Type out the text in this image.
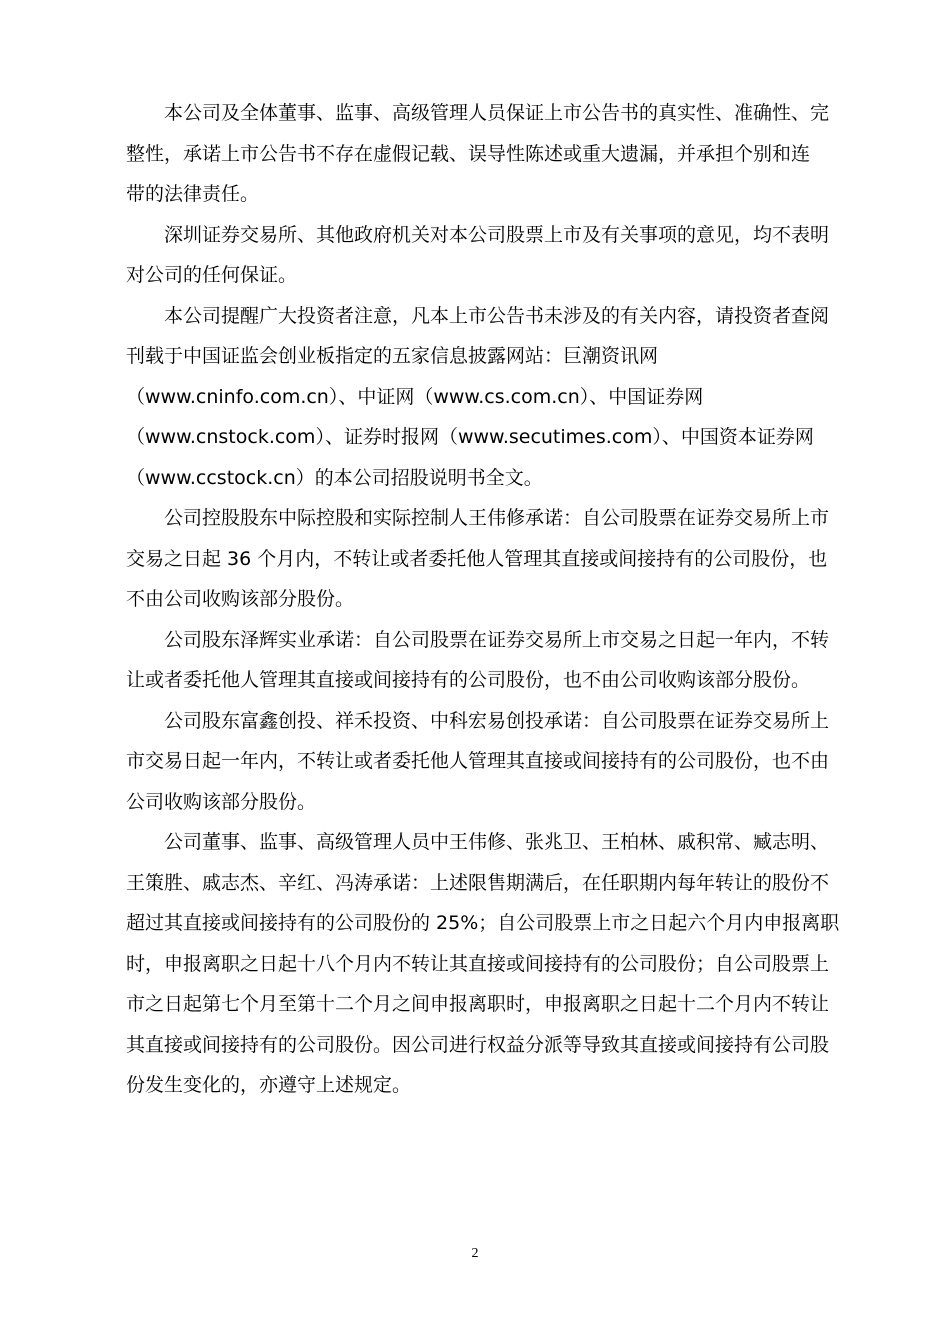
本公司及全体董事、监事、高级管理人员保证上市公告书的真实性、准确性、完
整性，承诺上市公告书不存在虚假记载、误导性陈述或重大遗漏，并承担个别和连
带的法律责任。
深圳证券交易所、其他政府机关对本公司股票上市及有关事项的意见，均不表明
对公司的任何保证。
本公司提醒广大投资者注意，凡本上市公告书未涉及的有关内容，请投资者查阅
刊载于中国证监会创业板指定的五家信息披露网站：巨潮资讯网
（www.cninfo.com.cn）、中证网（www.cs.com.cn）、中国证券网
（www.cnstock.com）、证券时报网（www.secutimes.com）、中国资本证券网
（www.ccstock.cn）的本公司招股说明书全文。
公司控股股东中际控股和实际控制人王伟修承诺：自公司股票在证券交易所上市
交易之日起 36 个月内，不转让或者委托他人管理其直接或间接持有的公司股份，也
不由公司收购该部分股份。
公司股东泽辉实业承诺：自公司股票在证券交易所上市交易之日起一年内，不转
让或者委托他人管理其直接或间接持有的公司股份，也不由公司收购该部分股份。
公司股东富鑫创投、祥禾投资、中科宏易创投承诺：自公司股票在证券交易所上
市交易日起一年内，不转让或者委托他人管理其直接或间接持有的公司股份，也不由
公司收购该部分股份。
公司董事、监事、高级管理人员中王伟修、张兆卫、王柏林、戚积常、臧志明、
王策胜、戚志杰、辛红、冯涛承诺：上述限售期满后，在任职期内每年转让的股份不
超过其直接或间接持有的公司股份的 25%；自公司股票上市之日起六个月内申报离职
时，申报离职之日起十八个月内不转让其直接或间接持有的公司股份；自公司股票上
市之日起第七个月至第十二个月之间申报离职时，申报离职之日起十二个月内不转让
其直接或间接持有的公司股份。因公司进行权益分派等导致其直接或间接持有公司股
份发生变化的，亦遵守上述规定。
2
